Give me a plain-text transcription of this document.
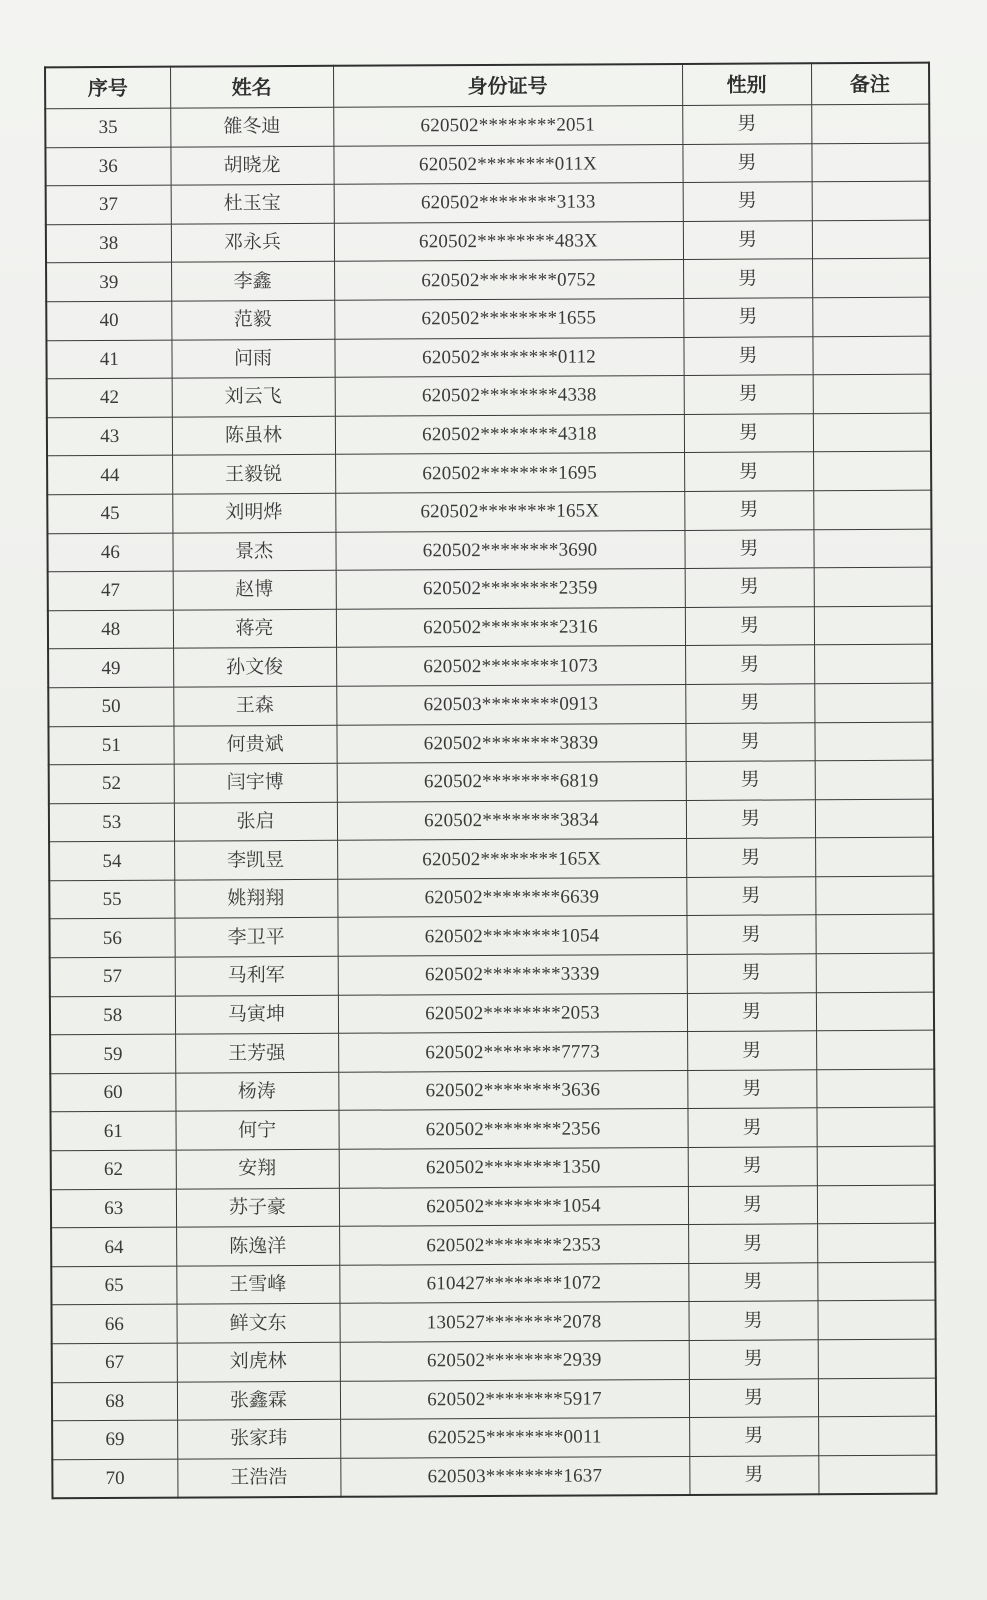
序号	姓名	身份证号	性别	备注
35	雒冬迪	620502********2051	男	
36	胡晓龙	620502********011X	男	
37	杜玉宝	620502********3133	男	
38	邓永兵	620502********483X	男	
39	李鑫	620502********0752	男	
40	范毅	620502********1655	男	
41	问雨	620502********0112	男	
42	刘云飞	620502********4338	男	
43	陈虽林	620502********4318	男	
44	王毅锐	620502********1695	男	
45	刘明烨	620502********165X	男	
46	景杰	620502********3690	男	
47	赵博	620502********2359	男	
48	蒋亮	620502********2316	男	
49	孙文俊	620502********1073	男	
50	王森	620503********0913	男	
51	何贵斌	620502********3839	男	
52	闫宇博	620502********6819	男	
53	张启	620502********3834	男	
54	李凯昱	620502********165X	男	
55	姚翔翔	620502********6639	男	
56	李卫平	620502********1054	男	
57	马利军	620502********3339	男	
58	马寅坤	620502********2053	男	
59	王芳强	620502********7773	男	
60	杨涛	620502********3636	男	
61	何宁	620502********2356	男	
62	安翔	620502********1350	男	
63	苏子豪	620502********1054	男	
64	陈逸洋	620502********2353	男	
65	王雪峰	610427********1072	男	
66	鲜文东	130527********2078	男	
67	刘虎林	620502********2939	男	
68	张鑫霖	620502********5917	男	
69	张家玮	620525********0011	男	
70	王浩浩	620503********1637	男	
